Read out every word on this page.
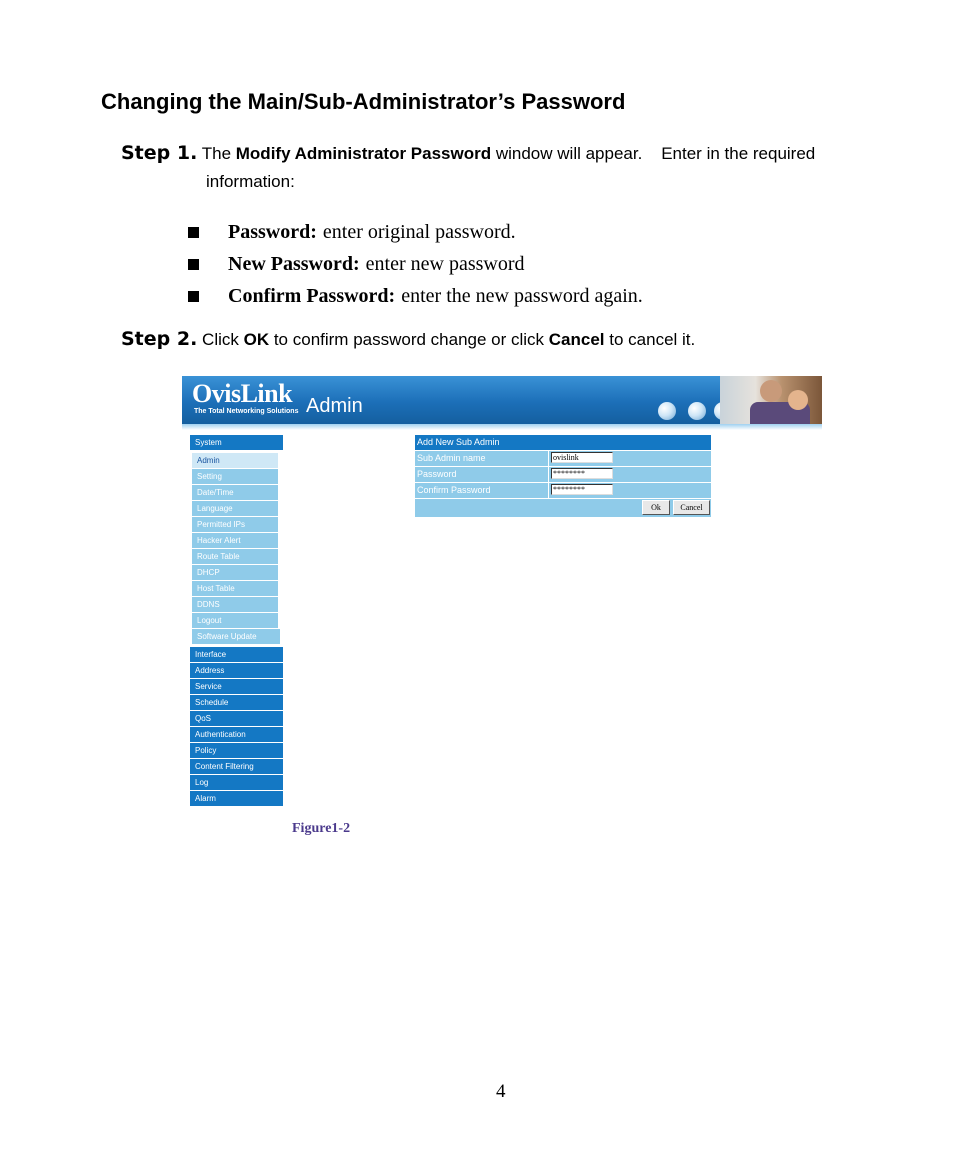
Changing the Main/Sub-Administrator’s Password
Step 1. The Modify Administrator Password window will appear.    Enter in the required
information:
Password: enter original password.
New Password: enter new password
Confirm Password: enter the new password again.
Step 2. Click OK to confirm password change or click Cancel to cancel it.
OvisLink
The Total Networking Solutions Admin
System
Admin
Setting
Date/Time
Language
Permitted IPs
Hacker Alert
Route Table
DHCP
Host Table
DDNS
Logout
Software Update
Interface
Address
Service
Schedule
QoS
Authentication
Policy
Content Filtering
Log
Alarm
Add New Sub Admin
Sub Admin name
ovislink
Password
********
Confirm Password
********
Ok	Cancel
Figure1-2
4
